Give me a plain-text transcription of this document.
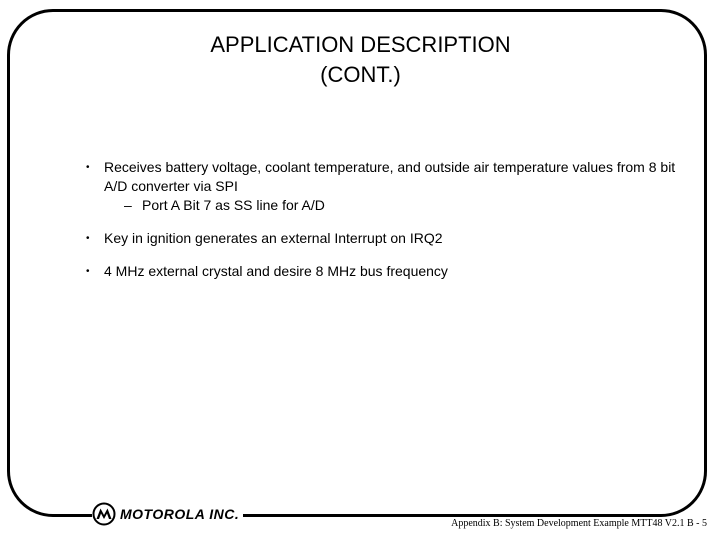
APPLICATION DESCRIPTION
(CONT.)
• Receives battery voltage, coolant temperature, and outside air temperature values from 8 bit A/D converter via SPI
– Port A Bit 7 as SS line for A/D
• Key in ignition generates an external Interrupt on IRQ2
• 4 MHz external crystal and desire 8 MHz bus frequency
MOTOROLA INC.
Appendix B: System Development Example MTT48 V2.1 B - 5
